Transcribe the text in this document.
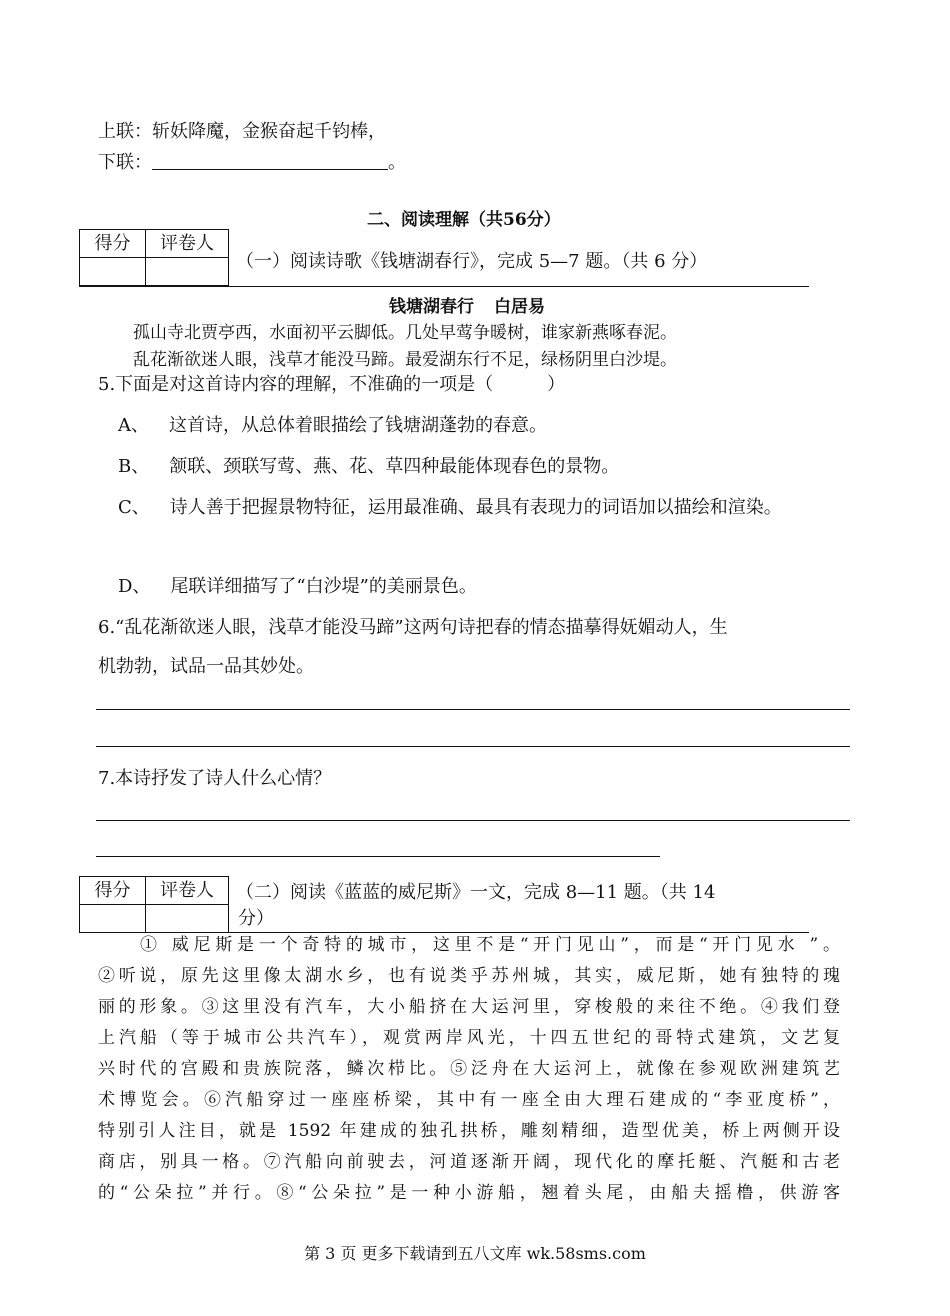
上联：斩妖降魔，金猴奋起千钧棒，
下联：	。
二、阅读理解（共56分）
得分	评卷人

（一）阅读诗歌《钱塘湖春行》，完成 5—7 题。（共 6 分）
钱塘湖春行 白居易
孤山寺北贾亭西，水面初平云脚低。几处早莺争暖树，谁家新燕啄春泥。
乱花渐欲迷人眼，浅草才能没马蹄。最爱湖东行不足，绿杨阴里白沙堤。
5.下面是对这首诗内容的理解，不准确的一项是（　　　）
A、 这首诗，从总体着眼描绘了钱塘湖蓬勃的春意。
B、 颔联、颈联写莺、燕、花、草四种最能体现春色的景物。
C、 诗人善于把握景物特征，运用最准确、最具有表现力的词语加以描绘和渲染。
D、 尾联详细描写了“白沙堤”的美丽景色。
6.“乱花渐欲迷人眼，浅草才能没马蹄”这两句诗把春的情态描摹得妩媚动人，生
机勃勃，试品一品其妙处。
7.本诗抒发了诗人什么心情？
得分	评卷人
	（二）阅读《蓝蓝的威尼斯》一文，完成 8—11 题。（共 14
分）
① 威尼斯是一个奇特的城市，这里不是“开门见山”，而是“开门见水 ”。
②听说，原先这里像太湖水乡，也有说类乎苏州城，其实，威尼斯，她有独特的瑰
丽的形象。③这里没有汽车，大小船挤在大运河里，穿梭般的来往不绝。④我们登
上汽船（等于城市公共汽车），观赏两岸风光，十四五世纪的哥特式建筑，文艺复
兴时代的宫殿和贵族院落，鳞次栉比。⑤泛舟在大运河上，就像在参观欧洲建筑艺
术博览会。⑥汽船穿过一座座桥梁，其中有一座全由大理石建成的“李亚度桥”，
特别引人注目，就是 1592 年建成的独孔拱桥，雕刻精细，造型优美，桥上两侧开设
商店，别具一格。⑦汽船向前驶去，河道逐渐开阔，现代化的摩托艇、汽艇和古老
的“公朵拉”并行。⑧“公朵拉”是一种小游船，翘着头尾，由船夫摇橹，供游客
第 3 页 更多下载请到五八文库 wk.58sms.com
